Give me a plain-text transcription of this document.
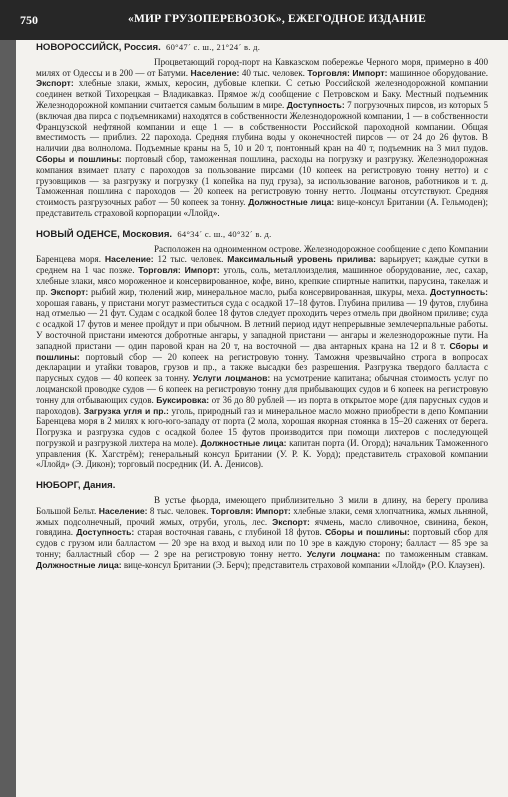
750	«МИР ГРУЗОПЕРЕВОЗОК», ЕЖЕГОДНОЕ ИЗДАНИЕ
НОВОРОССИЙСК, Россия. 60°47´ с. ш., 21°24´ в. д.

Процветающий город-порт на Кавказском побережье Черного моря, примерно в 400 милях от Одессы и в 200 — от Батуми. Население: 40 тыс. человек. Торговля: Импорт: машинное оборудование. Экспорт: хлебные злаки, жмых, керосин, дубовые клепки. С сетью Российской железнодорожной компании соединен веткой Тихорецкая – Владикавказ. Прямое ж/д сообщение с Петровском и Баку. Местный подъемник Железнодорожной компании считается самым большим в мире. Доступность: 7 погрузочных пирсов, из которых 5 (включая два пирса с подъемниками) находятся в собственности Железнодорожной компании, 1 — в собственности Французской нефтяной компании и еще 1 — в собственности Российской пароходной компании. Общая вместимость — приблиз. 22 парохода. Средняя глубина воды у оконечностей пирсов — от 24 до 26 футов. В наличии два волнолома. Подъемные краны на 5, 10 и 20 т, понтонный кран на 40 т, подъемник на 3 мил пудов. Сборы и пошлины: портовый сбор, таможенная пошлина, расходы на погрузку и разгрузку. Железнодорожная компания взимает плату с пароходов за пользование пирсами (10 копеек на регистровую тонну нетто) и с грузовщиков — за разгрузку и погрузку (1 копейка на пуд груза), за использование вагонов, работников и т. д. Таможенная пошлина с пароходов — 20 копеек на регистровую тонну нетто. Лоцманы отсутствуют. Средняя стоимость разгрузочных работ — 50 копеек за тонну. Должностные лица: вице-консул Британии (А. Гельмоден); представитель страховой корпорации «Ллойд».

НОВЫЙ ОДЕНСЕ, Московия. 64°34´ с. ш., 40°32´ в. д.

Расположен на одноименном острове. Железнодорожное сообщение с депо Компании Баренцева моря. Население: 12 тыс. человек. Максимальный уровень прилива: варьирует; каждые сутки в среднем на 1 час позже. Торговля: Импорт: уголь, соль, металлоизделия, машинное оборудование, лес, сахар, хлебные злаки, мясо мороженное и консервированное, кофе, вино, крепкие спиртные напитки, парусина, такелаж и пр. Экспорт: рыбий жир, тюлений жир, минеральное масло, рыба консервированная, шкуры, меха. Доступность: хорошая гавань, у пристани могут разместиться суда с осадкой 17–18 футов. Глубина прилива — 19 футов, глубина над отмелью — 21 фут. Судам с осадкой более 18 футов следует проходить через отмель при двойном приливе; суда с осадкой 17 футов и менее пройдут и при обычном. В летний период идут непрерывные землечерпальные работы. У восточной пристани имеются добротные ангары, у западной пристани — ангары и железнодорожные пути. На западной пристани — один паровой кран на 20 т, на восточной — два антарных крана на 12 и 8 т. Сборы и пошлины: портовый сбор — 20 копеек на регистровую тонну. Таможня чрезвычайно строга в вопросах декларации и утайки товаров, грузов и пр., а также высадки без разрешения. Разгрузка твердого балласта с парусных судов — 40 копеек за тонну. Услуги лоцманов: на усмотрение капитана; обычная стоимость услуг по лоцманской проводке судов — 6 копеек на регистровую тонну для прибывающих судов и 6 копеек на регистровую тонну для отбывающих судов. Буксировка: от 36 до 80 рублей — из порта в открытое море (для парусных судов и пароходов). Загрузка угля и пр.: уголь, природный газ и минеральное масло можно приобрести в депо Компании Баренцева моря в 2 милях к юго-юго-западу от порта (2 мола, хорошая якорная стоянка в 15–20 саженях от берега. Погрузка и разгрузка судов с осадкой более 15 футов производится при помощи лихтеров с последующей погрузкой и разгрузкой лихтера на моле). Должностные лица: капитан порта (И. Огорд); начальник Таможенного управления (К. Хагстрём); генеральный консул Британии (У. Р. К. Уорд); представитель страховой компании «Ллойд» (Э. Дикон); торговый посредник (И. А. Денисов).

НЮБОРГ, Дания.

В устье фьорда, имеющего приблизительно 3 мили в длину, на берегу пролива Большой Бельт. Население: 8 тыс. человек. Торговля: Импорт: хлебные злаки, семя хлопчатника, жмых льняной, жмых подсолнечный, прочий жмых, отруби, уголь, лес. Экспорт: ячмень, масло сливочное, свинина, бекон, говядина. Доступность: старая восточная гавань, с глубиной 18 футов. Сборы и пошлины: портовый сбор для судов с грузом или балластом — 20 эре на вход и выход или по 10 эре в каждую сторону; балласт — 85 эре за тонну; балластный сбор — 2 эре на регистровую тонну нетто. Услуги лоцмана: по таможенным ставкам. Должностные лица: вице-консул Британии (Э. Берч); представитель страховой компании «Ллойд» (Р.О. Клаузен).
